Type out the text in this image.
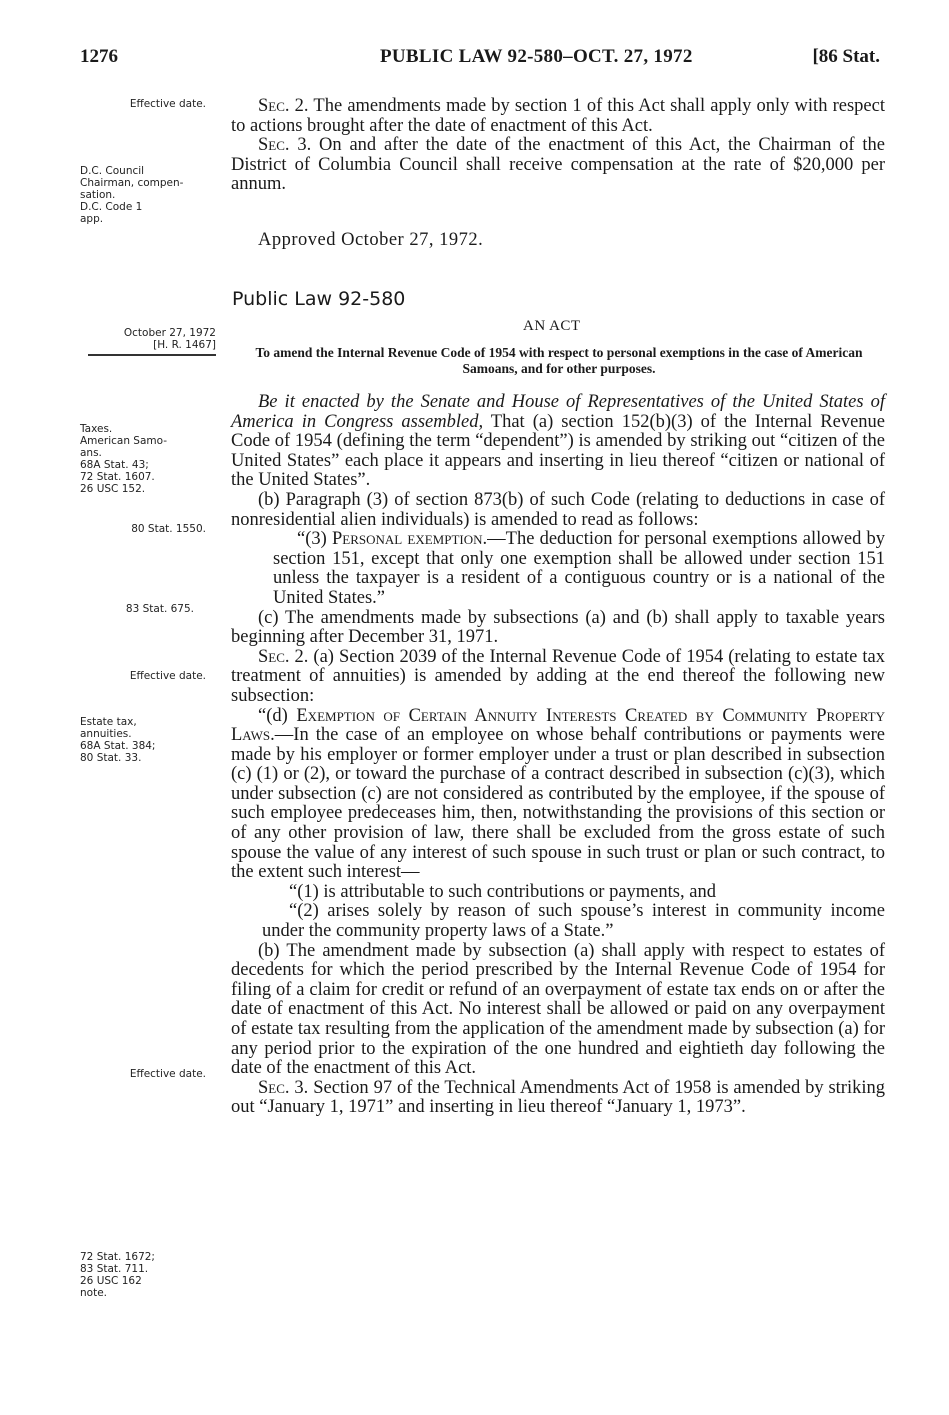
1276	PUBLIC LAW 92-580–OCT. 27, 1972	[86 Stat.
Effective date.
D.C. Council
Chairman, compen-
sation.
D.C. Code 1
app.
October 27, 1972
[H. R. 1467]
Taxes.
American Samo-
ans.
68A Stat. 43;
72 Stat. 1607.
26 USC 152.
80 Stat. 1550.
83 Stat. 675.
Effective date.
Estate tax,
annuities.
68A Stat. 384;
80 Stat. 33.
Effective date.
72 Stat. 1672;
83 Stat. 711.
26 USC 162
note.

Sec. 2. The amendments made by section 1 of this Act shall apply only with respect to actions brought after the date of enactment of this Act.

Sec. 3. On and after the date of the enactment of this Act, the Chairman of the District of Columbia Council shall receive compensation at the rate of $20,000 per annum.

Approved October 27, 1972.
Public Law 92-580
AN ACT
To amend the Internal Revenue Code of 1954 with respect to personal exemptions in the case of American Samoans, and for other purposes.

Be it enacted by the Senate and House of Representatives of the United States of America in Congress assembled, That (a) section 152(b)(3) of the Internal Revenue Code of 1954 (defining the term “dependent”) is amended by striking out “citizen of the United States” each place it appears and inserting in lieu thereof “citizen or national of the United States”.

(b) Paragraph (3) of section 873(b) of such Code (relating to deductions in case of nonresidential alien individuals) is amended to read as follows:

“(3) Personal exemption.—The deduction for personal exemptions allowed by section 151, except that only one exemption shall be allowed under section 151 unless the taxpayer is a resident of a contiguous country or is a national of the United States.”

(c) The amendments made by subsections (a) and (b) shall apply to taxable years beginning after December 31, 1971.

Sec. 2. (a) Section 2039 of the Internal Revenue Code of 1954 (relating to estate tax treatment of annuities) is amended by adding at the end thereof the following new subsection:

“(d) Exemption of Certain Annuity Interests Created by Community Property Laws.—In the case of an employee on whose behalf contributions or payments were made by his employer or former employer under a trust or plan described in subsection (c) (1) or (2), or toward the purchase of a contract described in subsection (c)(3), which under subsection (c) are not considered as contributed by the employee, if the spouse of such employee predeceases him, then, notwithstanding the provisions of this section or of any other provision of law, there shall be excluded from the gross estate of such spouse the value of any interest of such spouse in such trust or plan or such contract, to the extent such interest—

“(1) is attributable to such contributions or payments, and

“(2) arises solely by reason of such spouse’s interest in community income under the community property laws of a State.”

(b) The amendment made by subsection (a) shall apply with respect to estates of decedents for which the period prescribed by the Internal Revenue Code of 1954 for filing of a claim for credit or refund of an overpayment of estate tax ends on or after the date of enactment of this Act. No interest shall be allowed or paid on any overpayment of estate tax resulting from the application of the amendment made by subsection (a) for any period prior to the expiration of the one hundred and eightieth day following the date of the enactment of this Act.

Sec. 3. Section 97 of the Technical Amendments Act of 1958 is amended by striking out “January 1, 1971” and inserting in lieu thereof “January 1, 1973”.
